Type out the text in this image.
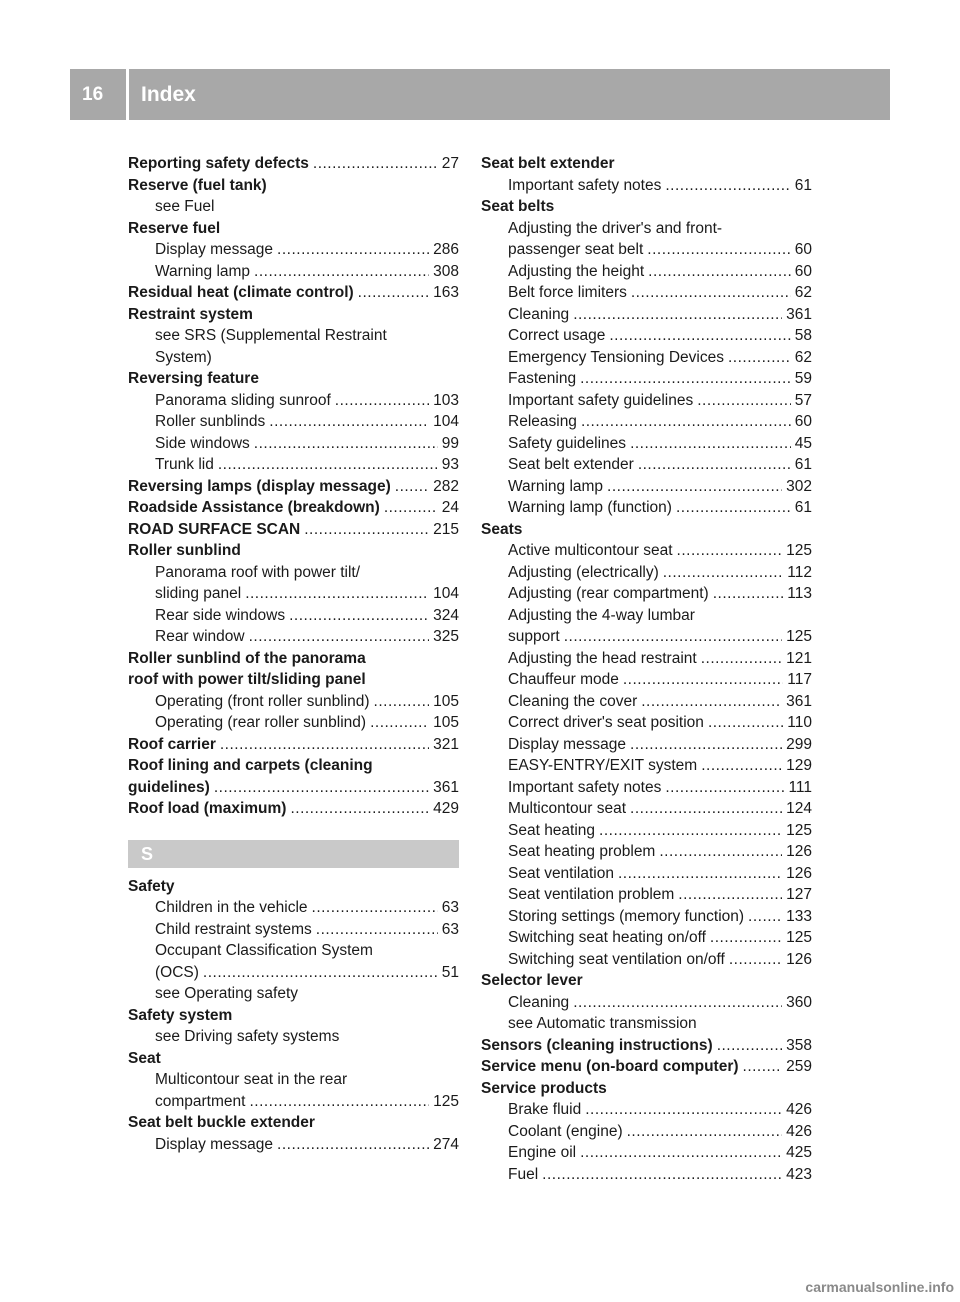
16	Index
Reporting safety defects .....	27
Reserve (fuel tank)
see Fuel
Reserve fuel
Display message .....	286
Warning lamp .....	308
Residual heat (climate control) .....	163
Restraint system
see SRS (Supplemental Restraint
System)
Reversing feature
Panorama sliding sunroof .....	103
Roller sunblinds .....	104
Side windows .....	99
Trunk lid .....	93
Reversing lamps (display message) .....	282
Roadside Assistance (breakdown) .....	24
ROAD SURFACE SCAN .....	215
Roller sunblind
Panorama roof with power tilt/
sliding panel .....	104
Rear side windows .....	324
Rear window .....	325
Roller sunblind of the panorama
roof with power tilt/sliding panel
Operating (front roller sunblind) .....	105
Operating (rear roller sunblind) .....	105
Roof carrier .....	321
Roof lining and carpets (cleaning
guidelines) .....	361
Roof load (maximum) .....	429
S
Safety
Children in the vehicle .....	63
Child restraint systems .....	63
Occupant Classification System
(OCS) .....	51
see Operating safety
Safety system
see Driving safety systems
Seat
Multicontour seat in the rear
compartment .....	125
Seat belt buckle extender
Display message .....	274
Seat belt extender
Important safety notes .....	61
Seat belts
Adjusting the driver's and front-
passenger seat belt .....	60
Adjusting the height .....	60
Belt force limiters .....	62
Cleaning .....	361
Correct usage .....	58
Emergency Tensioning Devices .....	62
Fastening .....	59
Important safety guidelines .....	57
Releasing .....	60
Safety guidelines .....	45
Seat belt extender .....	61
Warning lamp .....	302
Warning lamp (function) .....	61
Seats
Active multicontour seat .....	125
Adjusting (electrically) .....	112
Adjusting (rear compartment) .....	113
Adjusting the 4-way lumbar
support .....	125
Adjusting the head restraint .....	121
Chauffeur mode .....	117
Cleaning the cover .....	361
Correct driver's seat position .....	110
Display message .....	299
EASY-ENTRY/EXIT system .....	129
Important safety notes .....	111
Multicontour seat .....	124
Seat heating .....	125
Seat heating problem .....	126
Seat ventilation .....	126
Seat ventilation problem .....	127
Storing settings (memory function) .....	133
Switching seat heating on/off .....	125
Switching seat ventilation on/off .....	126
Selector lever
Cleaning .....	360
see Automatic transmission
Sensors (cleaning instructions) .....	358
Service menu (on-board computer) .....	259
Service products
Brake fluid .....	426
Coolant (engine) .....	426
Engine oil .....	425
Fuel .....	423
carmanualsonline.info
